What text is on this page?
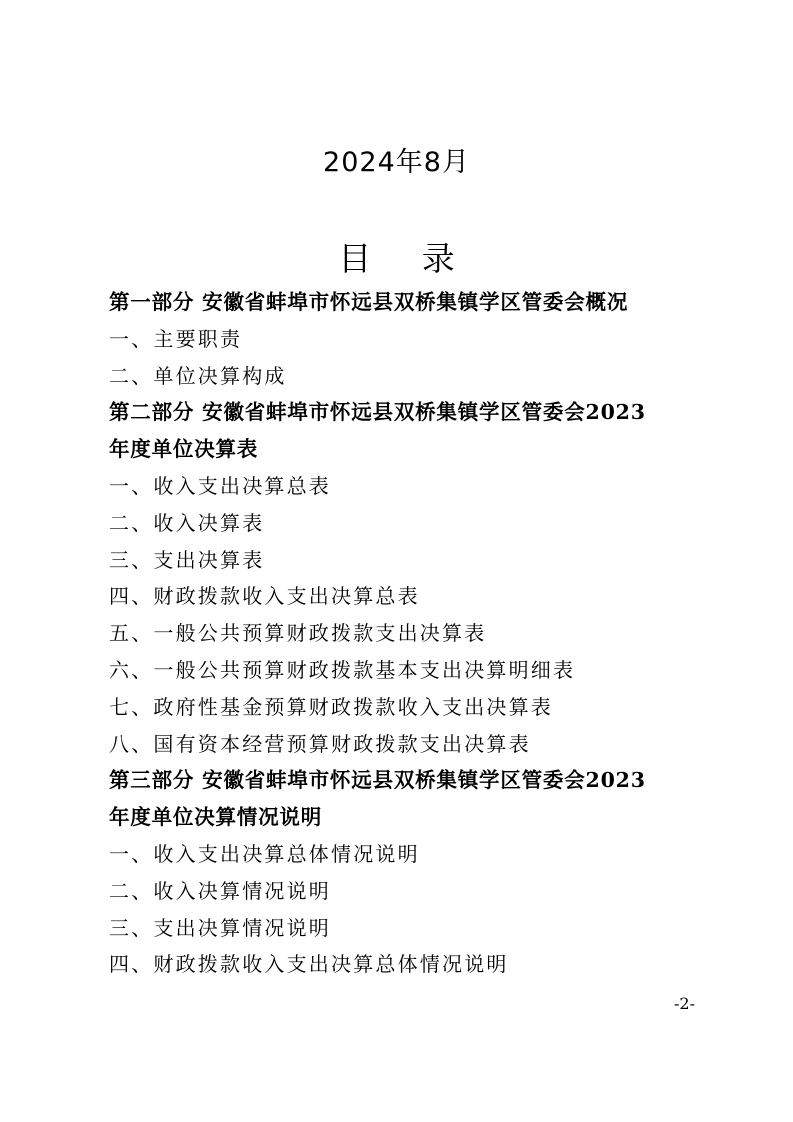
2024年8月
目 录
第一部分 安徽省蚌埠市怀远县双桥集镇学区管委会概况
一、主要职责
二、单位决算构成
第二部分 安徽省蚌埠市怀远县双桥集镇学区管委会2023
年度单位决算表
一、收入支出决算总表
二、收入决算表
三、支出决算表
四、财政拨款收入支出决算总表
五、一般公共预算财政拨款支出决算表
六、一般公共预算财政拨款基本支出决算明细表
七、政府性基金预算财政拨款收入支出决算表
八、国有资本经营预算财政拨款支出决算表
第三部分 安徽省蚌埠市怀远县双桥集镇学区管委会2023
年度单位决算情况说明
一、收入支出决算总体情况说明
二、收入决算情况说明
三、支出决算情况说明
四、财政拨款收入支出决算总体情况说明
-2-
